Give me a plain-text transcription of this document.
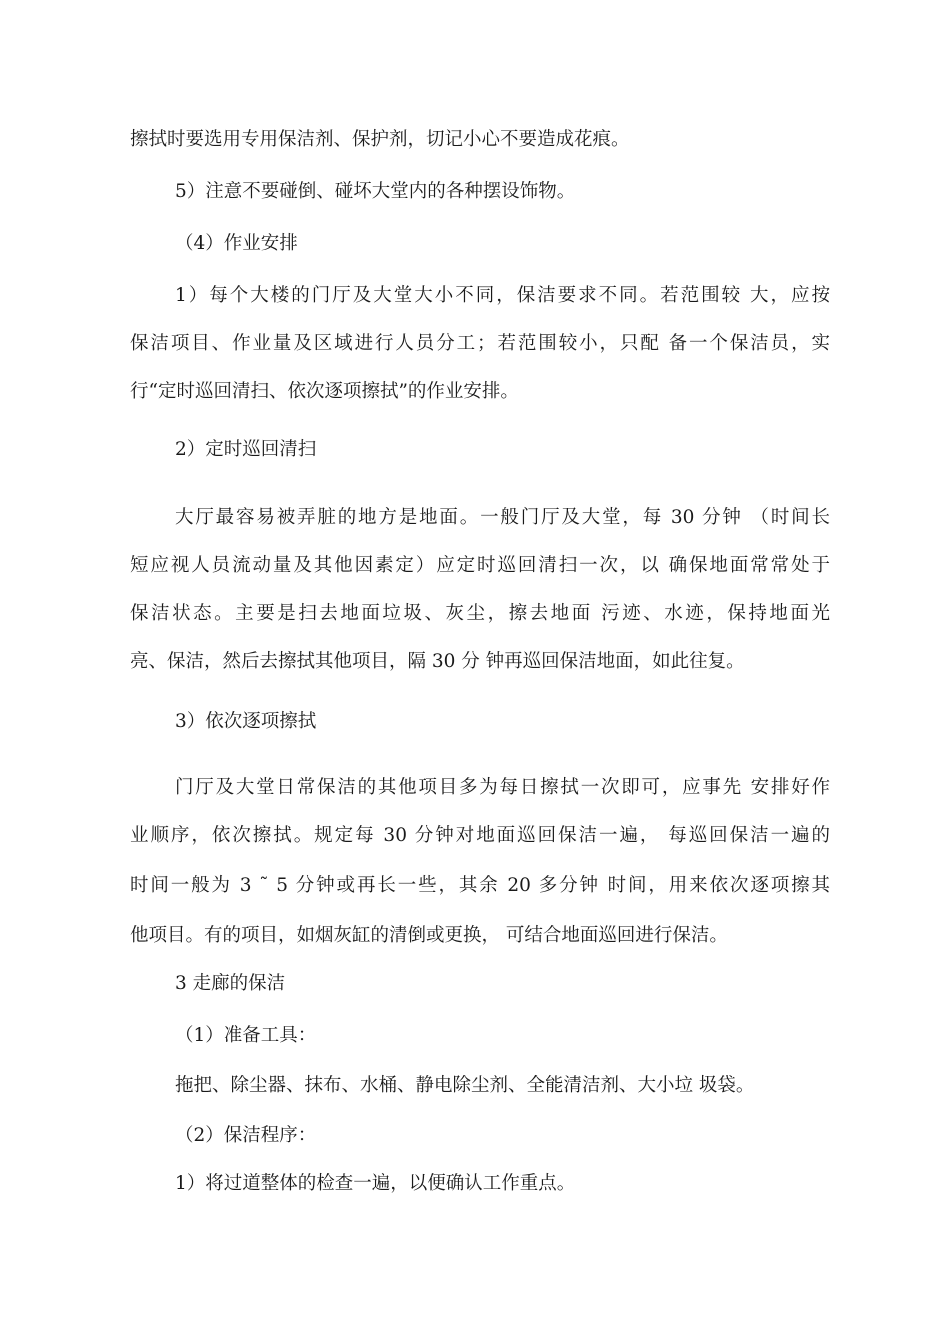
擦拭时要选用专用保洁剂、保护剂，切记小心不要造成花痕。
5）注意不要碰倒、碰坏大堂内的各种摆设饰物。
（4）作业安排
1）每个大楼的门厅及大堂大小不同，保洁要求不同。若范围较 大，应按
保洁项目、作业量及区域进行人员分工；若范围较小，只配 备一个保洁员，实
行“定时巡回清扫、依次逐项擦拭”的作业安排。
2）定时巡回清扫
大厅最容易被弄脏的地方是地面。一般门厅及大堂，每 30 分钟 （时间长
短应视人员流动量及其他因素定）应定时巡回清扫一次，以 确保地面常常处于
保洁状态。主要是扫去地面垃圾、灰尘，擦去地面 污迹、水迹，保持地面光
亮、保洁，然后去擦拭其他项目，隔 30 分 钟再巡回保洁地面，如此往复。
3）依次逐项擦拭
门厅及大堂日常保洁的其他项目多为每日擦拭一次即可，应事先 安排好作
业顺序，依次擦拭。规定每 30 分钟对地面巡回保洁一遍， 每巡回保洁一遍的
时间一般为 3 ˜ 5 分钟或再长一些，其余 20 多分钟 时间，用来依次逐项擦其
他项目。有的项目，如烟灰缸的清倒或更换， 可结合地面巡回进行保洁。
3 走廊的保洁
（1）准备工具：
拖把、除尘器、抹布、水桶、静电除尘剂、全能清洁剂、大小垃 圾袋。
（2）保洁程序：
1）将过道整体的检查一遍，以便确认工作重点。
